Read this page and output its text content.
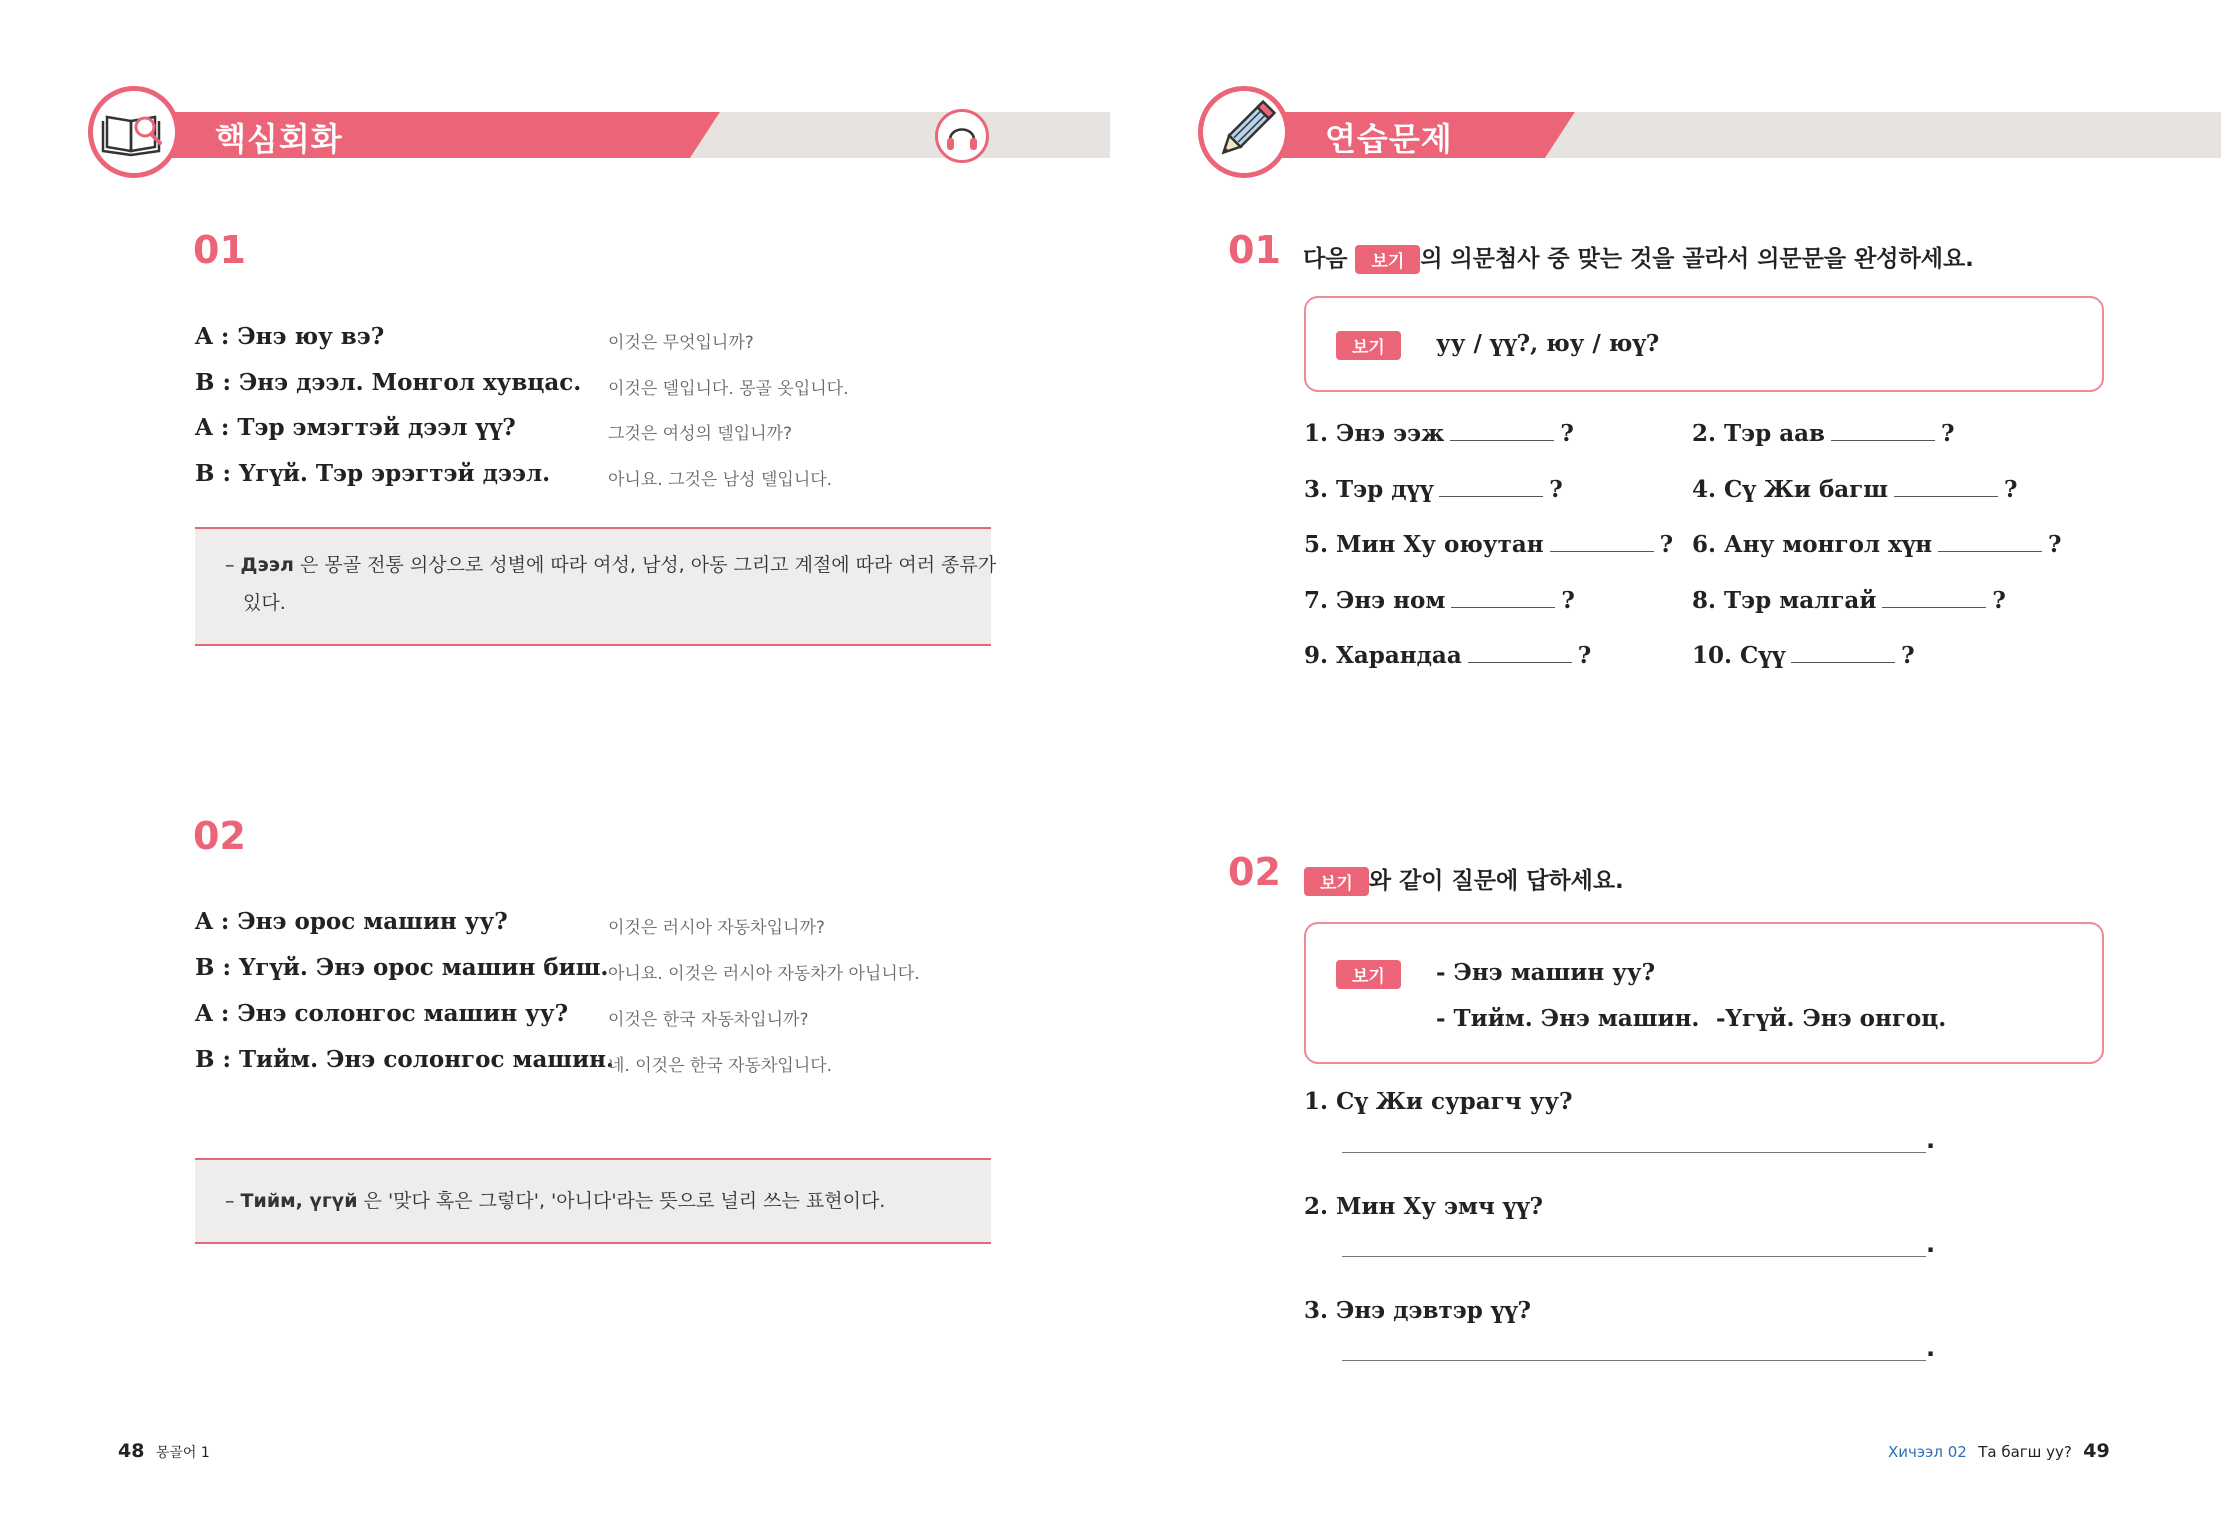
핵심회화
01
A : Энэ юу вэ?	이것은 무엇입니까?
B : Энэ дээл. Монгол хувцас. 이것은 델입니다. 몽골 옷입니다.
A : Тэр эмэгтэй дээл үү?	그것은 여성의 델입니까?
B : Үгүй. Тэр эрэгтэй дээл.	아니요. 그것은 남성 델입니다.
– Дээл 은 몽골 전통 의상으로 성별에 따라 여성, 남성, 아동 그리고 계절에 따라 여러 종류가
있다.
02
A : Энэ орос машин уу?	이것은 러시아 자동차입니까?
B : Үгүй. Энэ орос машин биш. 아니요. 이것은 러시아 자동차가 아닙니다.
A : Энэ солонгос машин уу? 이것은 한국 자동차입니까?
B : Тийм. Энэ солонгос машин.
네. 이것은 한국 자동차입니다.
– Тийм, үгүй 은 '맞다 혹은 그렇다', '아니다'라는 뜻으로 널리 쓰는 표현이다.
48 몽골어 1
연습문제
01 다음 보기 의 의문첨사 중 맞는 것을 골라서 의문문을 완성하세요.
보기	уу / үү?, юу / юү?
1. Энэ ээж	?	2. Тэр аав	?
3. Тэр дүү	?	4. Сү Жи багш	?
5. Мин Ху оюутан	? 6. Ану монгол хүн	?
7. Энэ ном	?	8. Тэр малгай	?
9. Харандаа	?	10. Сүү	?
02	보기 와 같이 질문에 답하세요.
보기	- Энэ машин уу?
- Тийм. Энэ машин. -Үгүй. Энэ онгоц.
1. Сү Жи сурагч уу?
.
2. Мин Ху эмч үү?
.
3. Энэ дэвтэр үү?
.
Хичээл 02 Та багш уу? 49
